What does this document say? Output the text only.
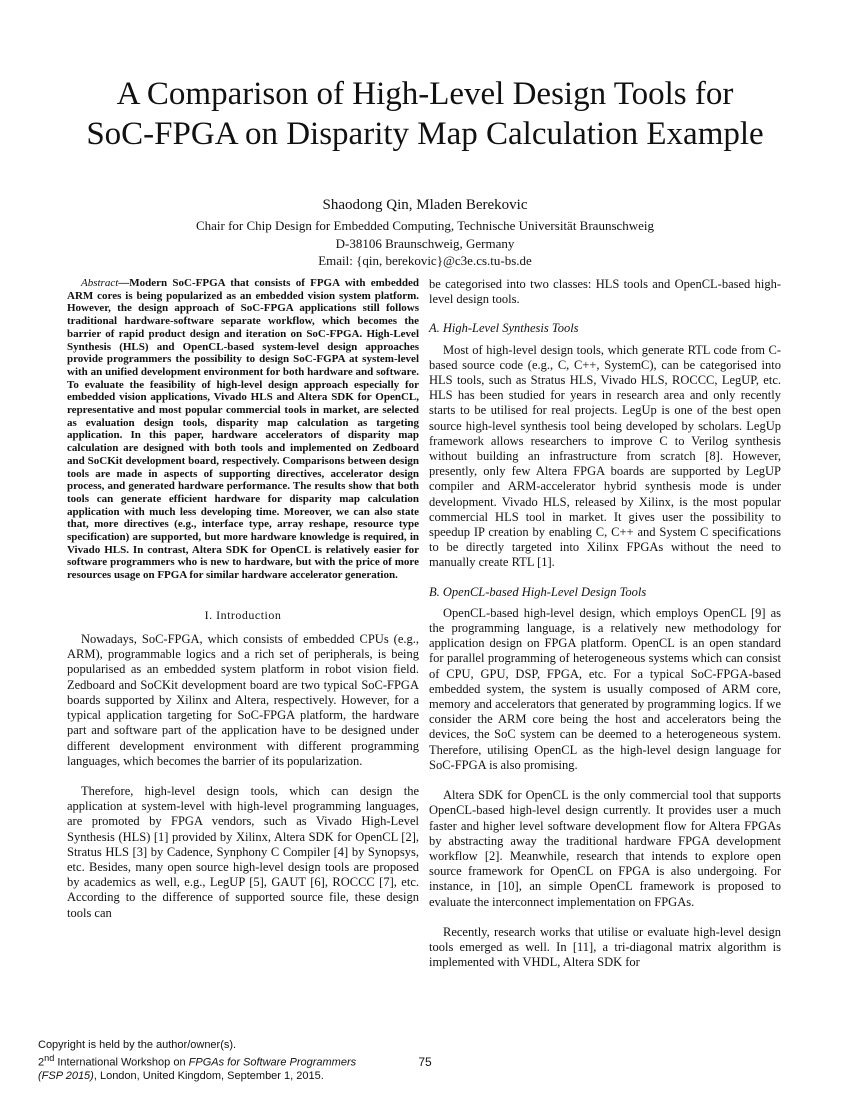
A Comparison of High-Level Design Tools for
SoC-FPGA on Disparity Map Calculation Example
Shaodong Qin, Mladen Berekovic
Chair for Chip Design for Embedded Computing, Technische Universität Braunschweig
D-38106 Braunschweig, Germany
Email: {qin, berekovic}@c3e.cs.tu-bs.de

Abstract—Modern SoC-FPGA that consists of FPGA with embedded ARM cores is being popularized as an embedded vision system platform. However, the design approach of SoC-FPGA applications still follows traditional hardware-software separate workflow, which becomes the barrier of rapid product design and iteration on SoC-FPGA. High-Level Synthesis (HLS) and OpenCL-based system-level design approaches provide programmers the possibility to design SoC-FGPA at system-level with an unified development environment for both hardware and software. To evaluate the feasibility of high-level design approach especially for embedded vision applications, Vivado HLS and Altera SDK for OpenCL, representative and most popular commercial tools in market, are selected as evaluation design tools, disparity map calculation as targeting application. In this paper, hardware accelerators of disparity map calculation are designed with both tools and implemented on Zedboard and SoCKit development board, respectively. Comparisons between design tools are made in aspects of supporting directives, accelerator design process, and generated hardware performance. The results show that both tools can generate efficient hardware for disparity map calculation application with much less developing time. Moreover, we can also state that, more directives (e.g., interface type, array reshape, resource type specification) are supported, but more hardware knowledge is required, in Vivado HLS. In contrast, Altera SDK for OpenCL is relatively easier for software programmers who is new to hardware, but with the price of more resources usage on FPGA for similar hardware accelerator generation.

I. Introduction

Nowadays, SoC-FPGA, which consists of embedded CPUs (e.g., ARM), programmable logics and a rich set of peripherals, is being popularised as an embedded system platform in robot vision field. Zedboard and SoCKit development board are two typical SoC-FPGA boards supported by Xilinx and Altera, respectively. However, for a typical application targeting for SoC-FPGA platform, the hardware part and software part of the application have to be designed under different development environment with different programming languages, which becomes the barrier of its popularization.

Therefore, high-level design tools, which can design the application at system-level with high-level programming languages, are promoted by FPGA vendors, such as Vivado High-Level Synthesis (HLS) [1] provided by Xilinx, Altera SDK for OpenCL [2], Stratus HLS [3] by Cadence, Synphony C Compiler [4] by Synopsys, etc. Besides, many open source high-level design tools are proposed by academics as well, e.g., LegUP [5], GAUT [6], ROCCC [7], etc. According to the difference of supported source file, these design tools can

be categorised into two classes: HLS tools and OpenCL-based high-level design tools.

A. High-Level Synthesis Tools

Most of high-level design tools, which generate RTL code from C-based source code (e.g., C, C++, SystemC), can be categorised into HLS tools, such as Stratus HLS, Vivado HLS, ROCCC, LegUP, etc. HLS has been studied for years in research area and only recently starts to be utilised for real projects. LegUp is one of the best open source high-level synthesis tool being developed by scholars. LegUp framework allows researchers to improve C to Verilog synthesis without building an infrastructure from scratch [8]. However, presently, only few Altera FPGA boards are supported by LegUP compiler and ARM-accelerator hybrid synthesis mode is under development. Vivado HLS, released by Xilinx, is the most popular commercial HLS tool in market. It gives user the possibility to speedup IP creation by enabling C, C++ and System C specifications to be directly targeted into Xilinx FPGAs without the need to manually create RTL [1].

B. OpenCL-based High-Level Design Tools

OpenCL-based high-level design, which employs OpenCL [9] as the programming language, is a relatively new methodology for application design on FPGA platform. OpenCL is an open standard for parallel programming of heterogeneous systems which can consist of CPU, GPU, DSP, FPGA, etc. For a typical SoC-FPGA-based embedded system, the system is usually composed of ARM core, memory and accelerators that generated by programming logics. If we consider the ARM core being the host and accelerators being the devices, the SoC system can be deemed to a heterogeneous system. Therefore, utilising OpenCL as the high-level design language for SoC-FPGA is also promising.

Altera SDK for OpenCL is the only commercial tool that supports OpenCL-based high-level design currently. It provides user a much faster and higher level software development flow for Altera FPGAs by abstracting away the traditional hardware FPGA development workflow [2]. Meanwhile, research that intends to explore open source framework for OpenCL on FPGA is also undergoing. For instance, in [10], an simple OpenCL framework is proposed to evaluate the interconnect implementation on FPGAs.

Recently, research works that utilise or evaluate high-level design tools emerged as well. In [11], a tri-diagonal matrix algorithm is implemented with VHDL, Altera SDK for

Copyright is held by the author/owner(s).
2nd International Workshop on FPGAs for Software Programmers
(FSP 2015), London, United Kingdom, September 1, 2015.
75
